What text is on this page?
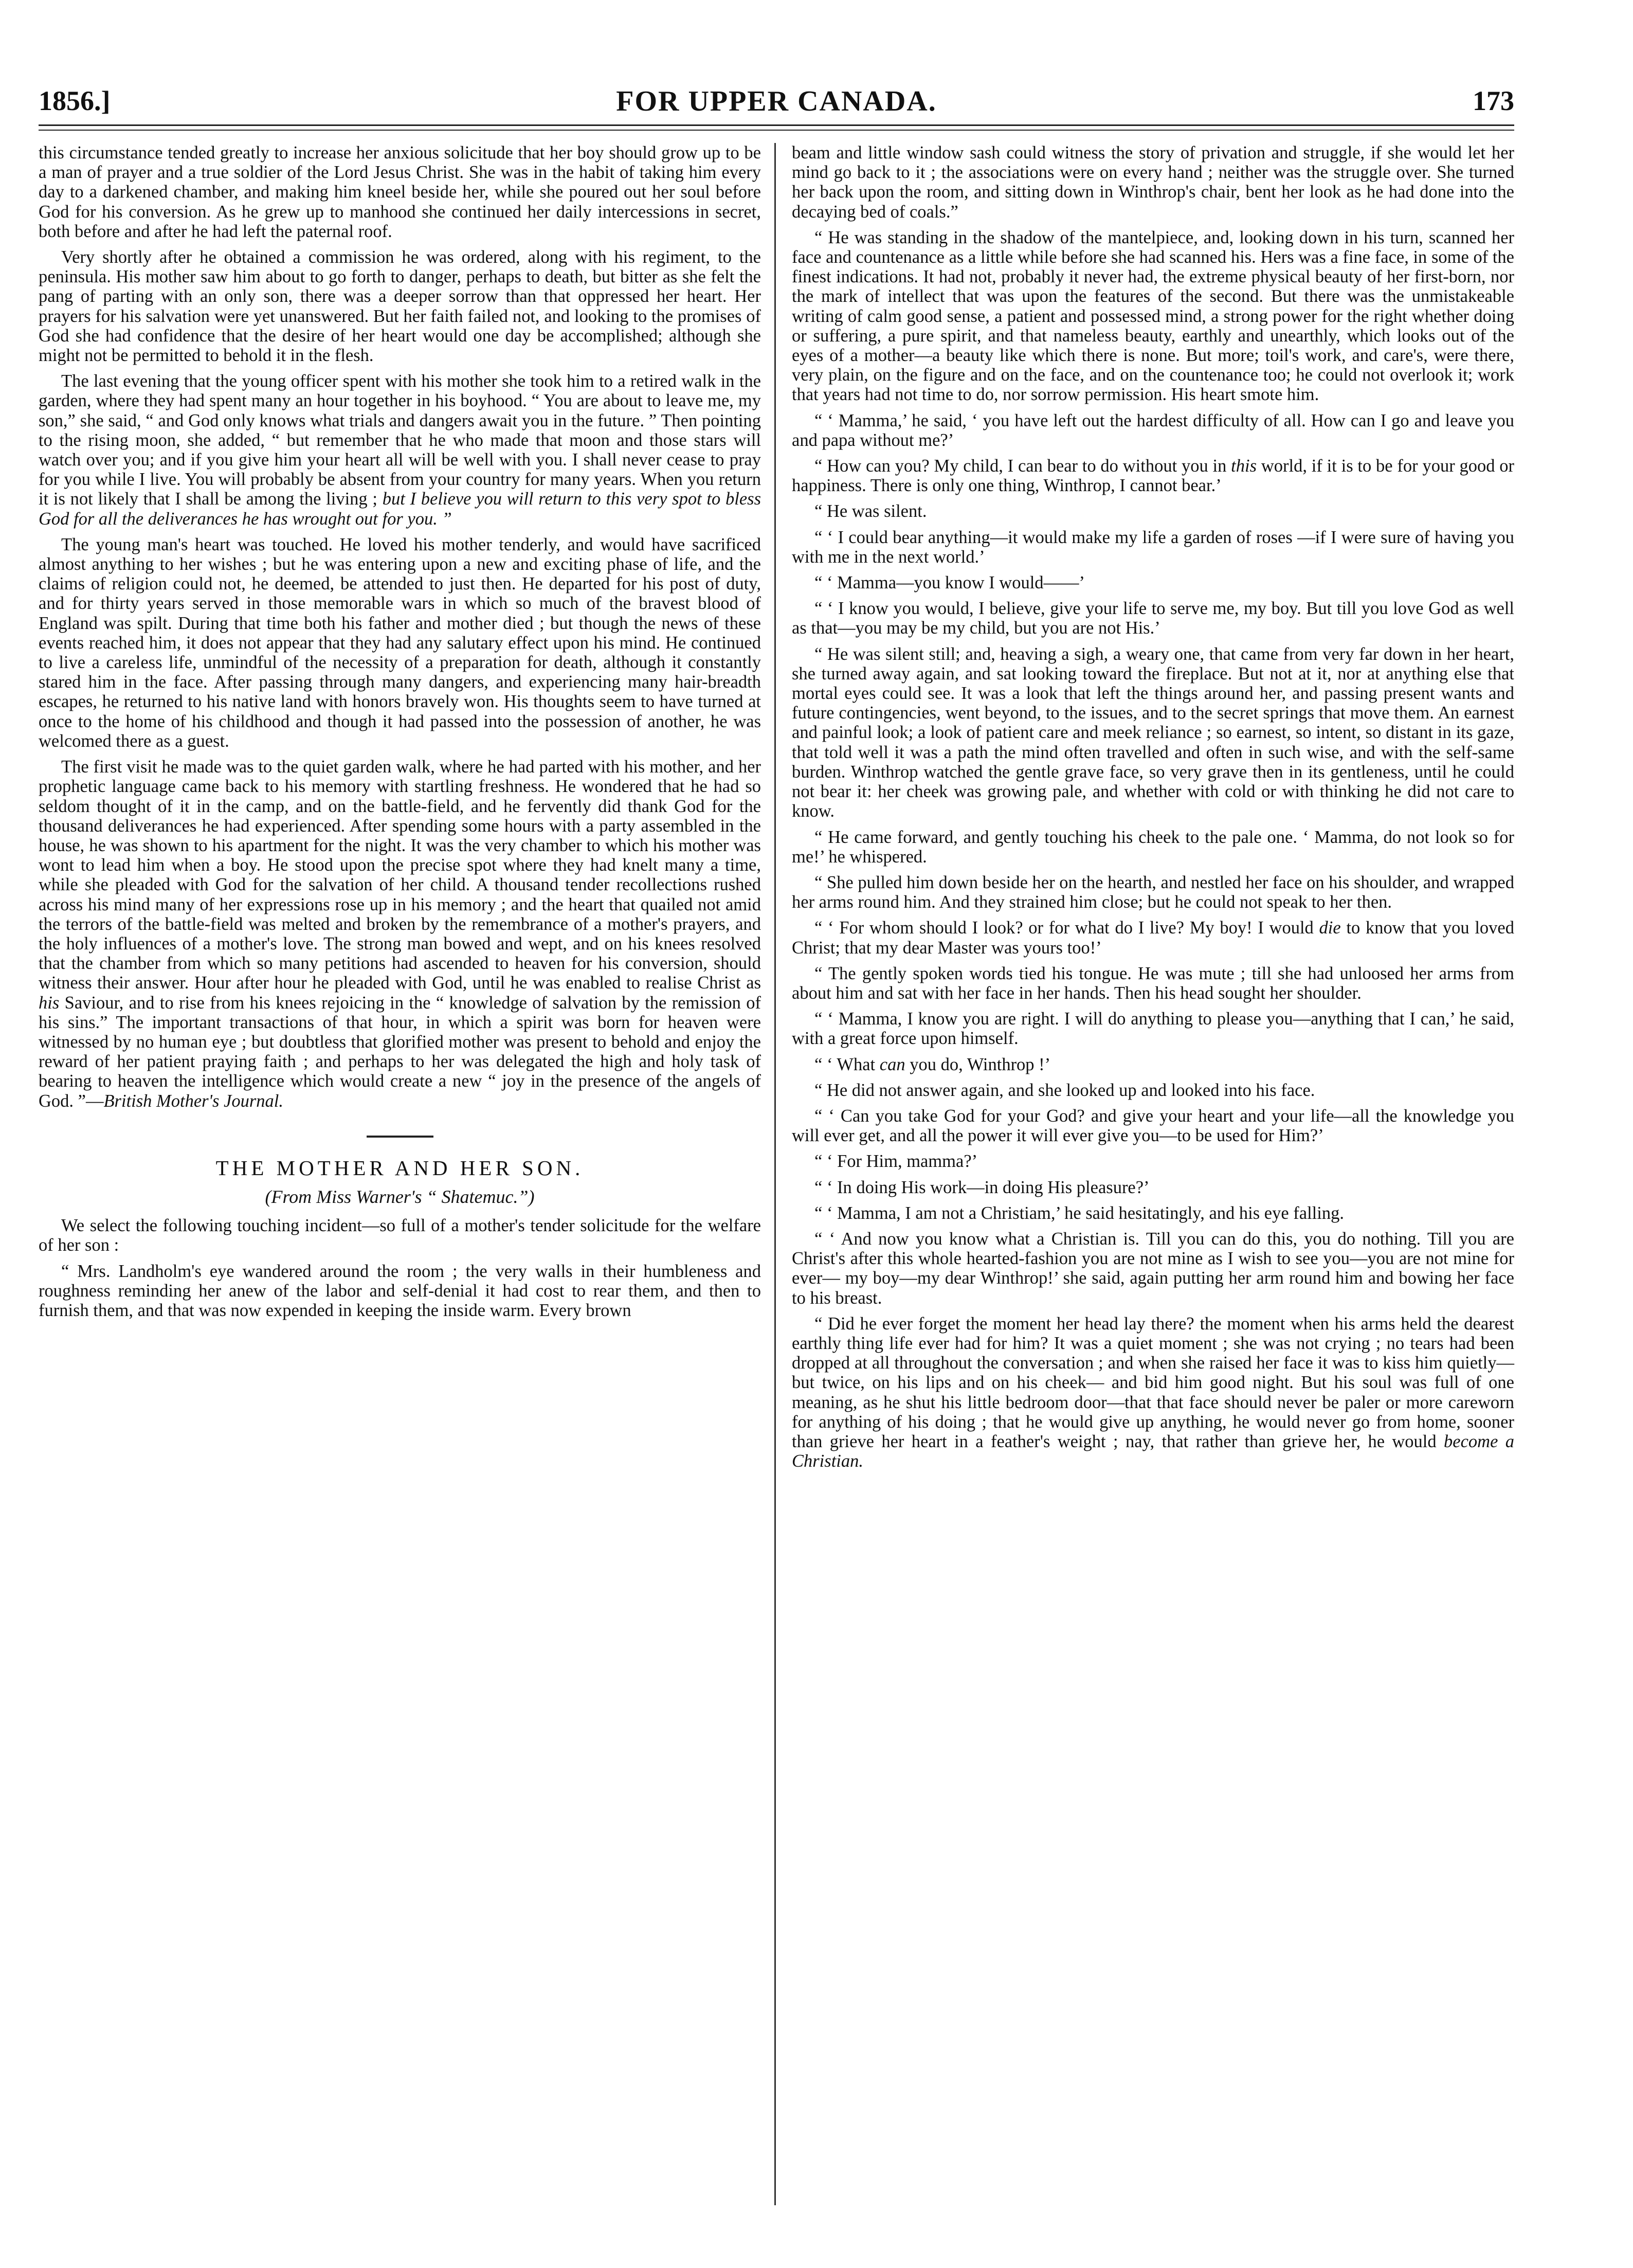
1856.]	FOR UPPER CANADA.	173

this circumstance tended greatly to increase her anxious solicitude that her boy should grow up to be a man of prayer and a true soldier of the Lord Jesus Christ. She was in the habit of taking him every day to a darkened chamber, and making him kneel beside her, while she poured out her soul before God for his conversion. As he grew up to manhood she continued her daily intercessions in secret, both before and after he had left the paternal roof.

Very shortly after he obtained a commission he was ordered, along with his regiment, to the peninsula. His mother saw him about to go forth to danger, perhaps to death, but bitter as she felt the pang of parting with an only son, there was a deeper sorrow than that oppressed her heart. Her prayers for his salvation were yet unanswered. But her faith failed not, and looking to the promises of God she had confidence that the desire of her heart would one day be accomplished; although she might not be permitted to behold it in the flesh.

The last evening that the young officer spent with his mother she took him to a retired walk in the garden, where they had spent many an hour together in his boyhood. “ You are about to leave me, my son,” she said, “ and God only knows what trials and dangers await you in the future. ” Then pointing to the rising moon, she added, “ but remember that he who made that moon and those stars will watch over you; and if you give him your heart all will be well with you. I shall never cease to pray for you while I live. You will probably be absent from your country for many years. When you return it is not likely that I shall be among the living ; but I believe you will return to this very spot to bless God for all the deliverances he has wrought out for you. ”

The young man's heart was touched. He loved his mother tenderly, and would have sacrificed almost anything to her wishes ; but he was entering upon a new and exciting phase of life, and the claims of religion could not, he deemed, be attended to just then. He departed for his post of duty, and for thirty years served in those memorable wars in which so much of the bravest blood of England was spilt. During that time both his father and mother died ; but though the news of these events reached him, it does not appear that they had any salutary effect upon his mind. He continued to live a careless life, unmindful of the necessity of a preparation for death, although it constantly stared him in the face. After passing through many dangers, and experiencing many hair-breadth escapes, he returned to his native land with honors bravely won. His thoughts seem to have turned at once to the home of his childhood and though it had passed into the possession of another, he was welcomed there as a guest.

The first visit he made was to the quiet garden walk, where he had parted with his mother, and her prophetic language came back to his memory with startling freshness. He wondered that he had so seldom thought of it in the camp, and on the battle-field, and he fervently did thank God for the thousand deliverances he had experienced. After spending some hours with a party assembled in the house, he was shown to his apartment for the night. It was the very chamber to which his mother was wont to lead him when a boy. He stood upon the precise spot where they had knelt many a time, while she pleaded with God for the salvation of her child. A thousand tender recollections rushed across his mind many of her expressions rose up in his memory ; and the heart that quailed not amid the terrors of the battle-field was melted and broken by the remembrance of a mother's prayers, and the holy influences of a mother's love. The strong man bowed and wept, and on his knees resolved that the chamber from which so many petitions had ascended to heaven for his conversion, should witness their answer. Hour after hour he pleaded with God, until he was enabled to realise Christ as his Saviour, and to rise from his knees rejoicing in the “ knowledge of salvation by the remission of his sins.” The important transactions of that hour, in which a spirit was born for heaven were witnessed by no human eye ; but doubtless that glorified mother was present to behold and enjoy the reward of her patient praying faith ; and perhaps to her was delegated the high and holy task of bearing to heaven the intelligence which would create a new “ joy in the presence of the angels of God. ”—British Mother's Journal.

THE MOTHER AND HER SON.
(From Miss Warner's “ Shatemuc.”)

We select the following touching incident—so full of a mother's tender solicitude for the welfare of her son :

“ Mrs. Landholm's eye wandered around the room ; the very walls in their humbleness and roughness reminding her anew of the labor and self-denial it had cost to rear them, and then to furnish them, and that was now expended in keeping the inside warm. Every brown

beam and little window sash could witness the story of privation and struggle, if she would let her mind go back to it ; the associations were on every hand ; neither was the struggle over. She turned her back upon the room, and sitting down in Winthrop's chair, bent her look as he had done into the decaying bed of coals.”

“ He was standing in the shadow of the mantelpiece, and, looking down in his turn, scanned her face and countenance as a little while before she had scanned his. Hers was a fine face, in some of the finest indications. It had not, probably it never had, the extreme physical beauty of her first-born, nor the mark of intellect that was upon the features of the second. But there was the unmistakeable writing of calm good sense, a patient and possessed mind, a strong power for the right whether doing or suffering, a pure spirit, and that nameless beauty, earthly and unearthly, which looks out of the eyes of a mother—a beauty like which there is none. But more; toil's work, and care's, were there, very plain, on the figure and on the face, and on the countenance too; he could not overlook it; work that years had not time to do, nor sorrow permission. His heart smote him.

“ ‘ Mamma,’ he said, ‘ you have left out the hardest difficulty of all. How can I go and leave you and papa without me?’

“ How can you? My child, I can bear to do without you in this world, if it is to be for your good or happiness. There is only one thing, Winthrop, I cannot bear.’

“ He was silent.

“ ‘ I could bear anything—it would make my life a garden of roses —if I were sure of having you with me in the next world.’

“ ‘ Mamma—you know I would——’

“ ‘ I know you would, I believe, give your life to serve me, my boy. But till you love God as well as that—you may be my child, but you are not His.’

“ He was silent still; and, heaving a sigh, a weary one, that came from very far down in her heart, she turned away again, and sat looking toward the fireplace. But not at it, nor at anything else that mortal eyes could see. It was a look that left the things around her, and passing present wants and future contingencies, went beyond, to the issues, and to the secret springs that move them. An earnest and painful look; a look of patient care and meek reliance ; so earnest, so intent, so distant in its gaze, that told well it was a path the mind often travelled and often in such wise, and with the self-same burden. Winthrop watched the gentle grave face, so very grave then in its gentleness, until he could not bear it: her cheek was growing pale, and whether with cold or with thinking he did not care to know.

“ He came forward, and gently touching his cheek to the pale one. ‘ Mamma, do not look so for me!’ he whispered.

“ She pulled him down beside her on the hearth, and nestled her face on his shoulder, and wrapped her arms round him. And they strained him close; but he could not speak to her then.

“ ‘ For whom should I look? or for what do I live? My boy! I would die to know that you loved Christ; that my dear Master was yours too!’

“ The gently spoken words tied his tongue. He was mute ; till she had unloosed her arms from about him and sat with her face in her hands. Then his head sought her shoulder.

“ ‘ Mamma, I know you are right. I will do anything to please you—anything that I can,’ he said, with a great force upon himself.

“ ‘ What can you do, Winthrop !’

“ He did not answer again, and she looked up and looked into his face.

“ ‘ Can you take God for your God? and give your heart and your life—all the knowledge you will ever get, and all the power it will ever give you—to be used for Him?’

“ ‘ For Him, mamma?’

“ ‘ In doing His work—in doing His pleasure?’

“ ‘ Mamma, I am not a Christiam,’ he said hesitatingly, and his eye falling.

“ ‘ And now you know what a Christian is. Till you can do this, you do nothing. Till you are Christ's after this whole hearted-fashion you are not mine as I wish to see you—you are not mine for ever— my boy—my dear Winthrop!’ she said, again putting her arm round him and bowing her face to his breast.

“ Did he ever forget the moment her head lay there? the moment when his arms held the dearest earthly thing life ever had for him? It was a quiet moment ; she was not crying ; no tears had been dropped at all throughout the conversation ; and when she raised her face it was to kiss him quietly—but twice, on his lips and on his cheek— and bid him good night. But his soul was full of one meaning, as he shut his little bedroom door—that that face should never be paler or more careworn for anything of his doing ; that he would give up anything, he would never go from home, sooner than grieve her heart in a feather's weight ; nay, that rather than grieve her, he would become a Christian.
